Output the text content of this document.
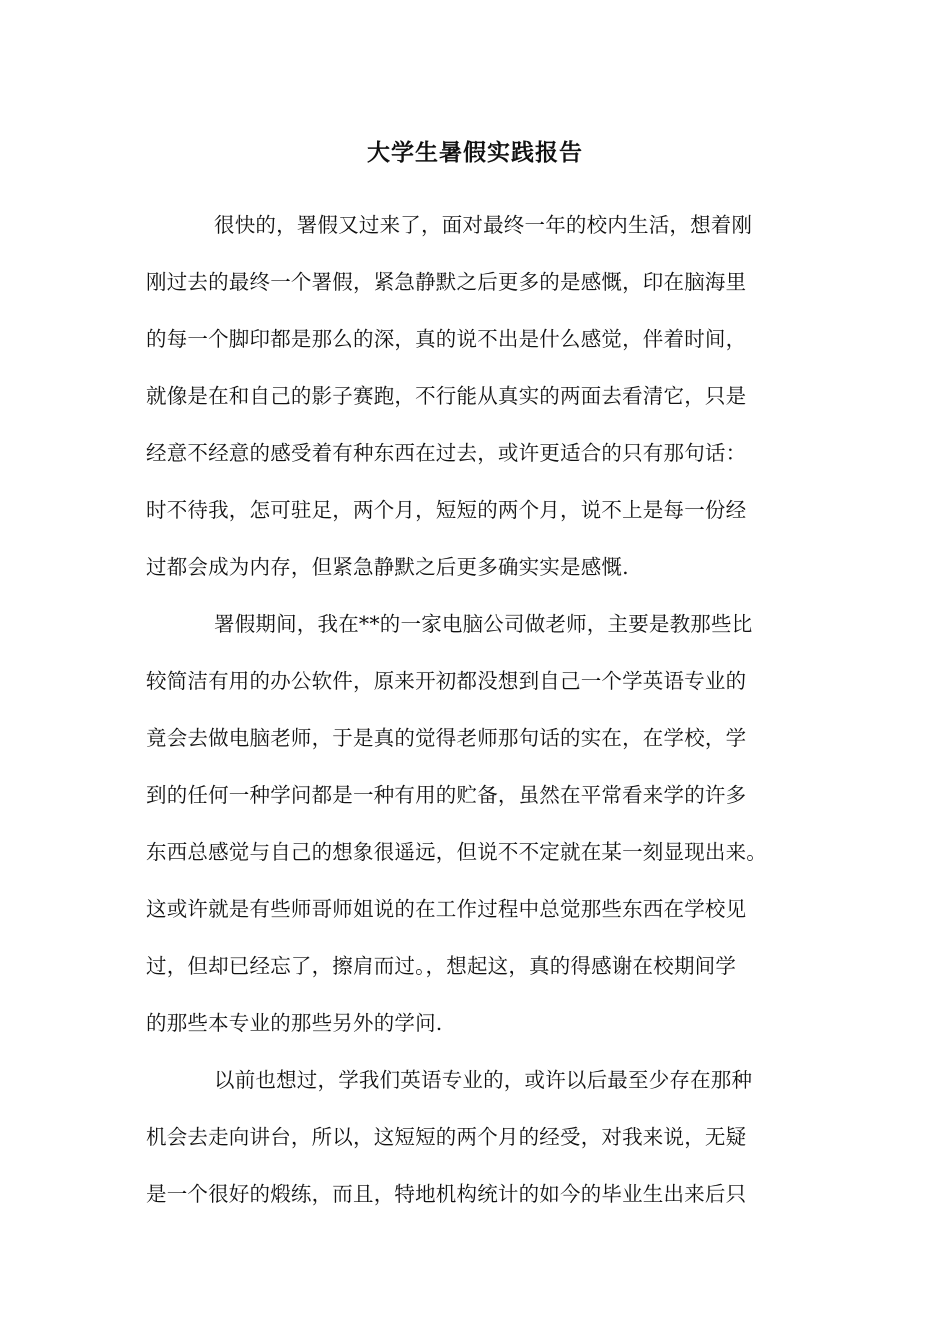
大学生暑假实践报告
很快的，署假又过来了，面对最终一年的校内生活，想着刚
刚过去的最终一个署假，紧急静默之后更多的是感慨，印在脑海里
的每一个脚印都是那么的深，真的说不出是什么感觉，伴着时间，
就像是在和自己的影子赛跑，不行能从真实的两面去看清它，只是
经意不经意的感受着有种东西在过去，或许更适合的只有那句话：
时不待我，怎可驻足，两个月，短短的两个月，说不上是每一份经
过都会成为内存，但紧急静默之后更多确实实是感慨.
署假期间，我在**的一家电脑公司做老师，主要是教那些比
较简洁有用的办公软件，原来开初都没想到自己一个学英语专业的
竟会去做电脑老师，于是真的觉得老师那句话的实在，在学校，学
到的任何一种学问都是一种有用的贮备，虽然在平常看来学的许多
东西总感觉与自己的想象很遥远，但说不不定就在某一刻显现出来。
这或许就是有些师哥师姐说的在工作过程中总觉那些东西在学校见
过，但却已经忘了，擦肩而过。，想起这，真的得感谢在校期间学
的那些本专业的那些另外的学问.
以前也想过，学我们英语专业的，或许以后最至少存在那种
机会去走向讲台，所以，这短短的两个月的经受，对我来说，无疑
是一个很好的煅练，而且，特地机构统计的如今的毕业生出来后只
